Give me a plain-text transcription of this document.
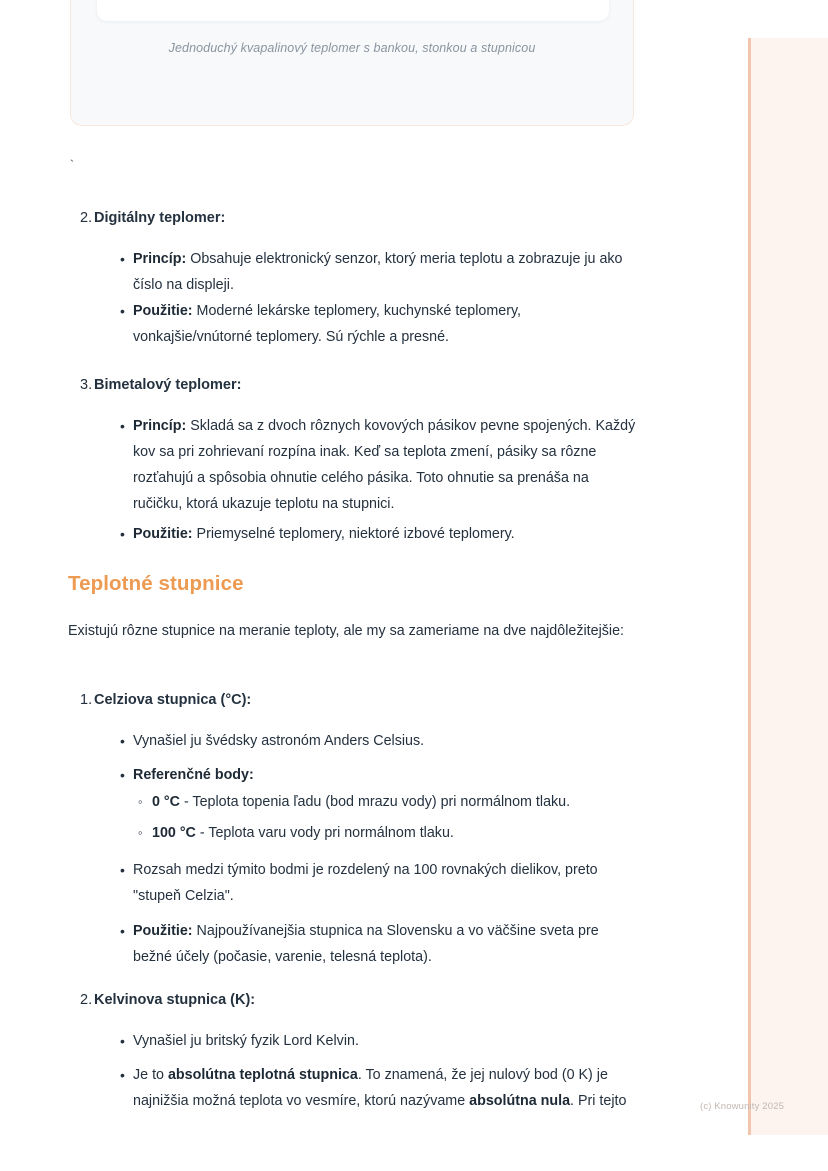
Jednoduchý kvapalinový teplomer s bankou, stonkou a stupnicou
`
2. Digitálny teplomer:
• Princíp: Obsahuje elektronický senzor, ktorý meria teplotu a zobrazuje ju ako číslo na displeji.
• Použitie: Moderné lekárske teplomery, kuchynské teplomery, vonkajšie/vnútorné teplomery. Sú rýchle a presné.
3. Bimetalový teplomer:
• Princíp: Skladá sa z dvoch rôznych kovových pásikov pevne spojených. Každý kov sa pri zohrievaní rozpína inak. Keď sa teplota zmení, pásiky sa rôzne rozťahujú a spôsobia ohnutie celého pásika. Toto ohnutie sa prenáša na ručičku, ktorá ukazuje teplotu na stupnici.
• Použitie: Priemyselné teplomery, niektoré izbové teplomery.
Teplotné stupnice
Existujú rôzne stupnice na meranie teploty, ale my sa zameriame na dve najdôležitejšie:
1. Celziova stupnica (°C):
• Vynašiel ju švédsky astronóm Anders Celsius.
• Referenčné body:
◦ 0 °C - Teplota topenia ľadu (bod mrazu vody) pri normálnom tlaku.
◦ 100 °C - Teplota varu vody pri normálnom tlaku.
• Rozsah medzi týmito bodmi je rozdelený na 100 rovnakých dielikov, preto "stupeň Celzia".
• Použitie: Najpoužívanejšia stupnica na Slovensku a vo väčšine sveta pre bežné účely (počasie, varenie, telesná teplota).
2. Kelvinova stupnica (K):
• Vynašiel ju britský fyzik Lord Kelvin.
• Je to absolútna teplotná stupnica. To znamená, že jej nulový bod (0 K) je najnižšia možná teplota vo vesmíre, ktorú nazývame absolútna nula. Pri tejto	(c) Knowunity 2025
